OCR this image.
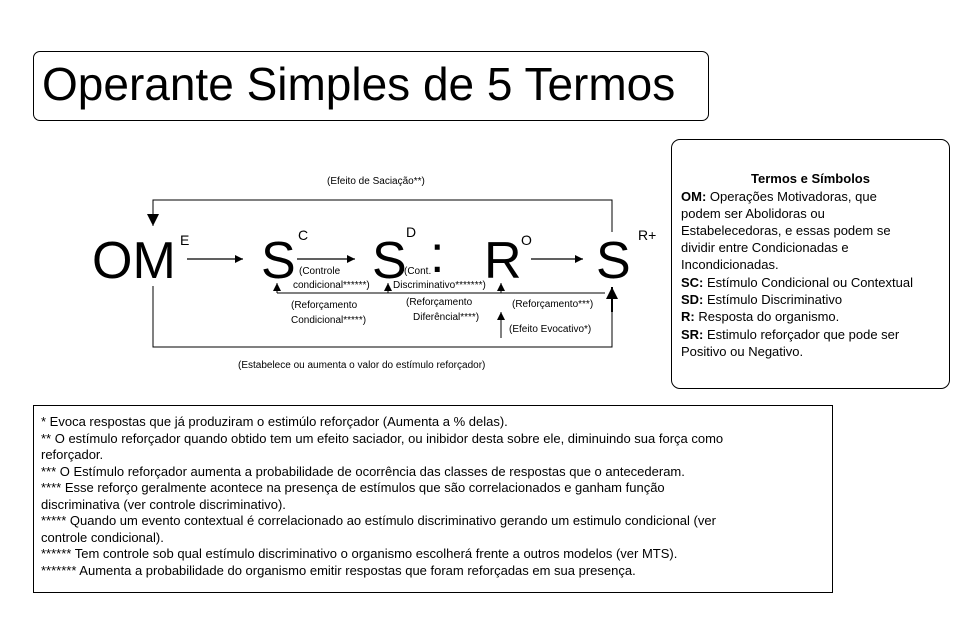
Operante Simples de 5 Termos
OM E S C S D : R O S R+
(Efeito de Saciação**)
(Estabelece ou aumenta o valor do estímulo reforçador)
(Controle
condicional******)
(Cont.
Discriminativo*******)
(Reforçamento
Condicional*****)
(Reforçamento
Diferêncial****)
(Reforçamento***)
(Efeito Evocativo*)
Termos e Símbolos
OM: Operações Motivadoras, que
podem ser Abolidoras ou
Estabelecedoras, e essas podem se
dividir entre Condicionadas e
Incondicionadas.
SC: Estímulo Condicional ou Contextual
SD: Estímulo Discriminativo
R: Resposta do organismo.
SR: Estimulo reforçador que pode ser
Positivo ou Negativo.
* Evoca respostas que já produziram o estimúlo reforçador (Aumenta a % delas).
** O estímulo reforçador quando obtido tem um efeito saciador, ou inibidor desta sobre ele, diminuindo sua força como
reforçador.
*** O Estímulo reforçador aumenta a probabilidade de ocorrência das classes de respostas que o antecederam.
**** Esse reforço geralmente acontece na presença de estímulos que são correlacionados e ganham função
discriminativa (ver controle discriminativo).
***** Quando um evento contextual é correlacionado ao estímulo discriminativo gerando um estimulo condicional (ver
controle condicional).
****** Tem controle sob qual estímulo discriminativo o organismo escolherá frente a outros modelos (ver MTS).
******* Aumenta a probabilidade do organismo emitir respostas que foram reforçadas em sua presença.
